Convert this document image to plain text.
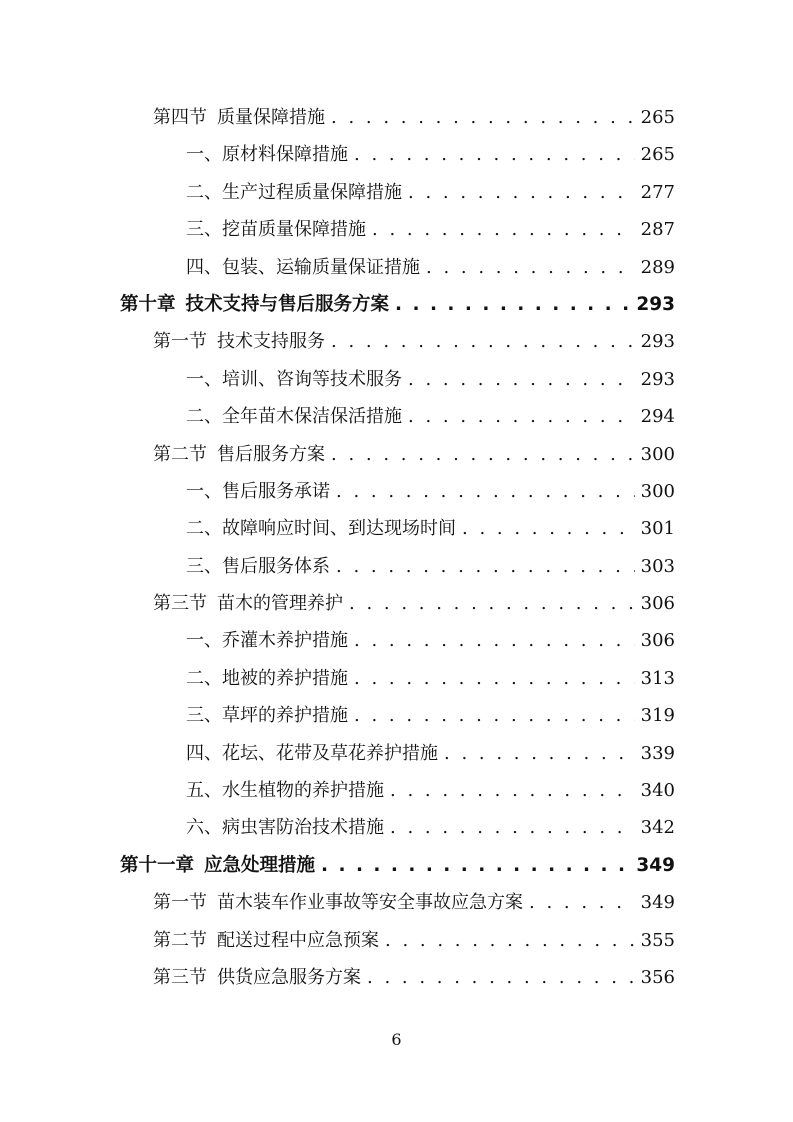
第四节 质量保障措施 . . .	265
一、 原材料保障措施 . . .	265
二、 生产过程质量保障措施 . . .	277
三、 挖苗质量保障措施 . . .	287
四、 包装、运输质量保证措施 . . .	289
第十章 技术支持与售后服务方案 . . .	293
第一节 技术支持服务 . . .	293
一、 培训、咨询等技术服务 . . .	293
二、 全年苗木保洁保活措施 . . .	294
第二节 售后服务方案 . . .	300
一、 售后服务承诺 . . .	300
二、 故障响应时间、到达现场时间 . . .	301
三、 售后服务体系 . . .	303
第三节 苗木的管理养护 . . .	306
一、 乔灌木养护措施 . . .	306
二、 地被的养护措施 . . .	313
三、 草坪的养护措施 . . .	319
四、 花坛、花带及草花养护措施 . . .	339
五、 水生植物的养护措施 . . .	340
六、 病虫害防治技术措施 . . .	342
第十一章 应急处理措施 . . .	349
第一节 苗木装车作业事故等安全事故应急方案 . . .	349
第二节 配送过程中应急预案 . . .	355
第三节 供货应急服务方案 . . .	356
6
